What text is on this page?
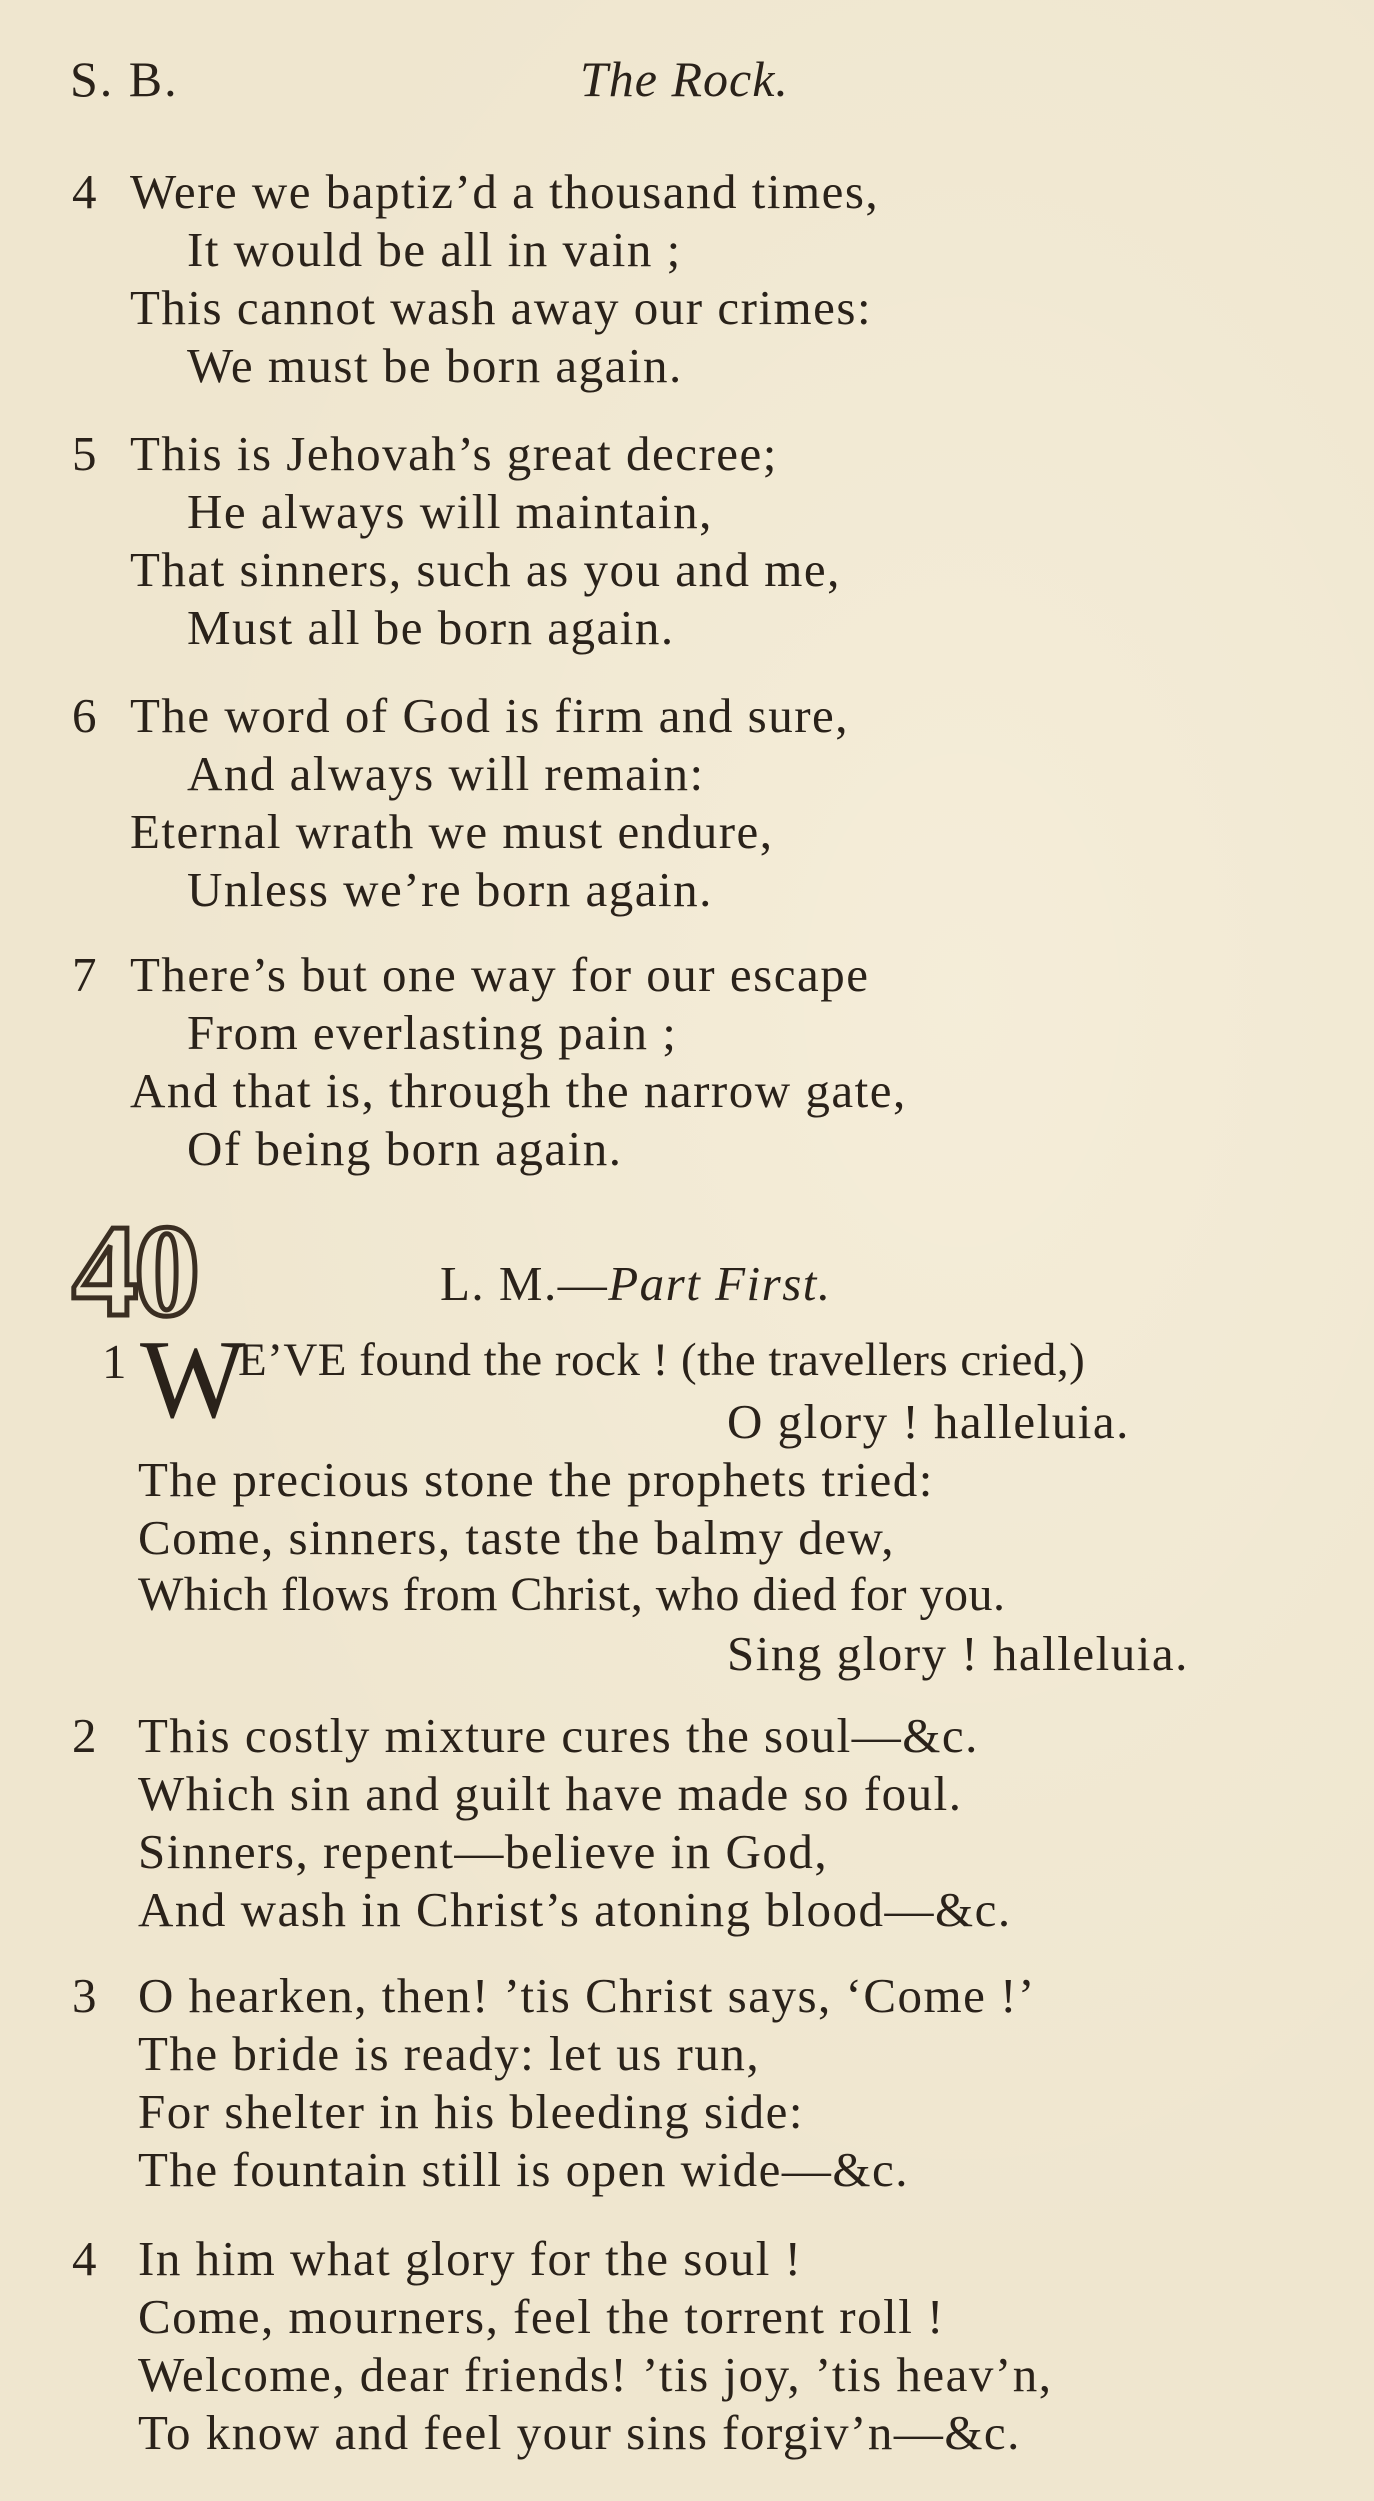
S. B.	The Rock.
4 Were we baptiz’d a thousand times,
It would be all in vain ;
This cannot wash away our crimes:
We must be born again.
5 This is Jehovah’s great decree;
He always will maintain,
That sinners, such as you and me,
Must all be born again.
6 The word of God is firm and sure,
And always will remain:
Eternal wrath we must endure,
Unless we’re born again.
7 There’s but one way for our escape
From everlasting pain ;
And that is, through the narrow gate,
Of being born again.
40	L. M.—Part First.
1 W
E’VE found the rock ! (the travellers cried,)
O glory ! halleluia.
The precious stone the prophets tried:
Come, sinners, taste the balmy dew,
Which flows from Christ, who died for you.
Sing glory ! halleluia.
2 This costly mixture cures the soul—&c.
Which sin and guilt have made so foul.
Sinners, repent—believe in God,
And wash in Christ’s atoning blood—&c.
3 O hearken, then! ’tis Christ says, ‘Come !’
The bride is ready: let us run,
For shelter in his bleeding side:
The fountain still is open wide—&c.
4 In him what glory for the soul !
Come, mourners, feel the torrent roll !
Welcome, dear friends! ’tis joy, ’tis heav’n,
To know and feel your sins forgiv’n—&c.
